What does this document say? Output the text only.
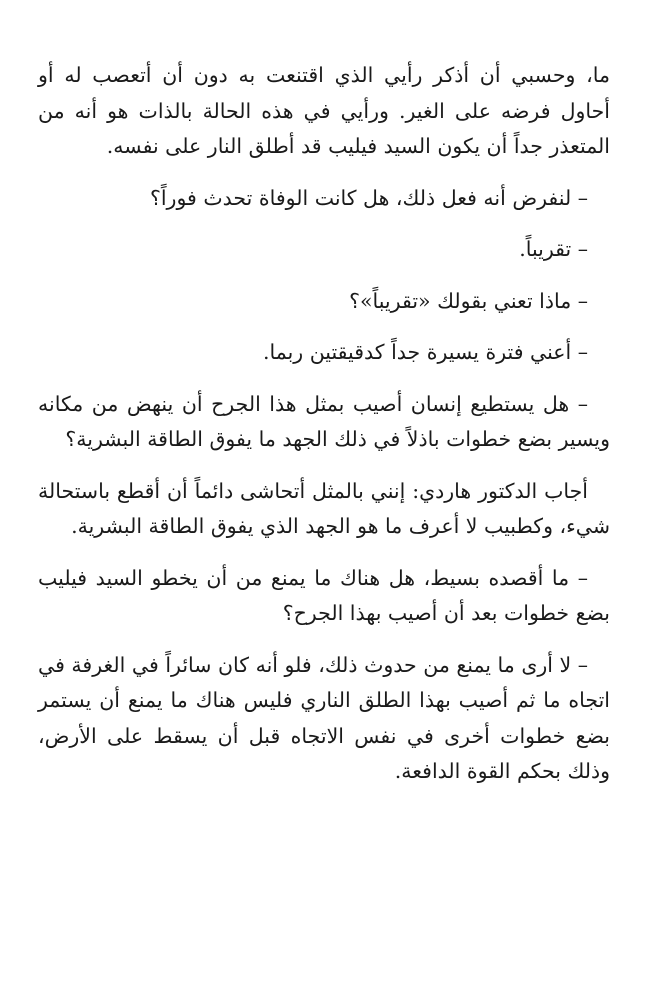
ما، وحسبي أن أذكر رأيي الذي اقتنعت به دون أن أتعصب له أو أحاول فرضه على الغير. ورأيي في هذه الحالة بالذات هو أنه من المتعذر جداً أن يكون السيد فيليب قد أطلق النار على نفسه.

– لنفرض أنه فعل ذلك، هل كانت الوفاة تحدث فوراً؟

– تقريباً.

– ماذا تعني بقولك «تقريباً»؟

– أعني فترة يسيرة جداً كدقيقتين ربما.

– هل يستطيع إنسان أصيب بمثل هذا الجرح أن ينهض من مكانه ويسير بضع خطوات باذلاً في ذلك الجهد ما يفوق الطاقة البشرية؟

أجاب الدكتور هاردي: إنني بالمثل أتحاشى دائماً أن أقطع باستحالة شيء، وكطبيب لا أعرف ما هو الجهد الذي يفوق الطاقة البشرية.

– ما أقصده بسيط، هل هناك ما يمنع من أن يخطو السيد فيليب بضع خطوات بعد أن أصيب بهذا الجرح؟

– لا أرى ما يمنع من حدوث ذلك، فلو أنه كان سائراً في الغرفة في اتجاه ما ثم أصيب بهذا الطلق الناري فليس هناك ما يمنع أن يستمر بضع خطوات أخرى في نفس الاتجاه قبل أن يسقط على الأرض، وذلك بحكم القوة الدافعة.
